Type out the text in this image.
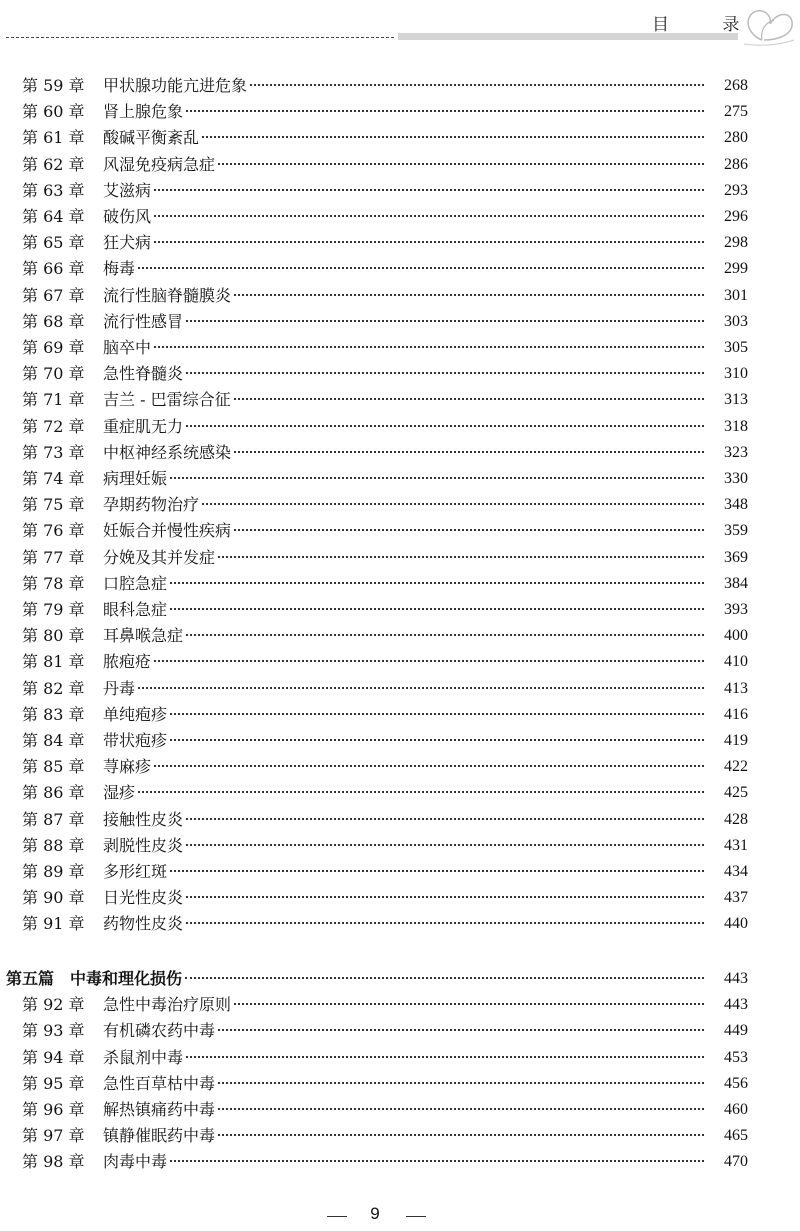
目 录
第 59 章 甲状腺功能亢进危象	268
第 60 章 肾上腺危象	275
第 61 章 酸碱平衡紊乱	280
第 62 章 风湿免疫病急症	286
第 63 章 艾滋病	293
第 64 章 破伤风	296
第 65 章 狂犬病	298
第 66 章 梅毒	299
第 67 章 流行性脑脊髓膜炎	301
第 68 章 流行性感冒	303
第 69 章 脑卒中	305
第 70 章 急性脊髓炎	310
第 71 章 吉兰 - 巴雷综合征	313
第 72 章 重症肌无力	318
第 73 章 中枢神经系统感染	323
第 74 章 病理妊娠	330
第 75 章 孕期药物治疗	348
第 76 章 妊娠合并慢性疾病	359
第 77 章 分娩及其并发症	369
第 78 章 口腔急症	384
第 79 章 眼科急症	393
第 80 章 耳鼻喉急症	400
第 81 章 脓疱疮	410
第 82 章 丹毒	413
第 83 章 单纯疱疹	416
第 84 章 带状疱疹	419
第 85 章 荨麻疹	422
第 86 章 湿疹	425
第 87 章 接触性皮炎	428
第 88 章 剥脱性皮炎	431
第 89 章 多形红斑	434
第 90 章 日光性皮炎	437
第 91 章 药物性皮炎	440
第五篇　中毒和理化损伤	443
第 92 章 急性中毒治疗原则	443
第 93 章 有机磷农药中毒	449
第 94 章 杀鼠剂中毒	453
第 95 章 急性百草枯中毒	456
第 96 章 解热镇痛药中毒	460
第 97 章 镇静催眠药中毒	465
第 98 章 肉毒中毒	470
9
